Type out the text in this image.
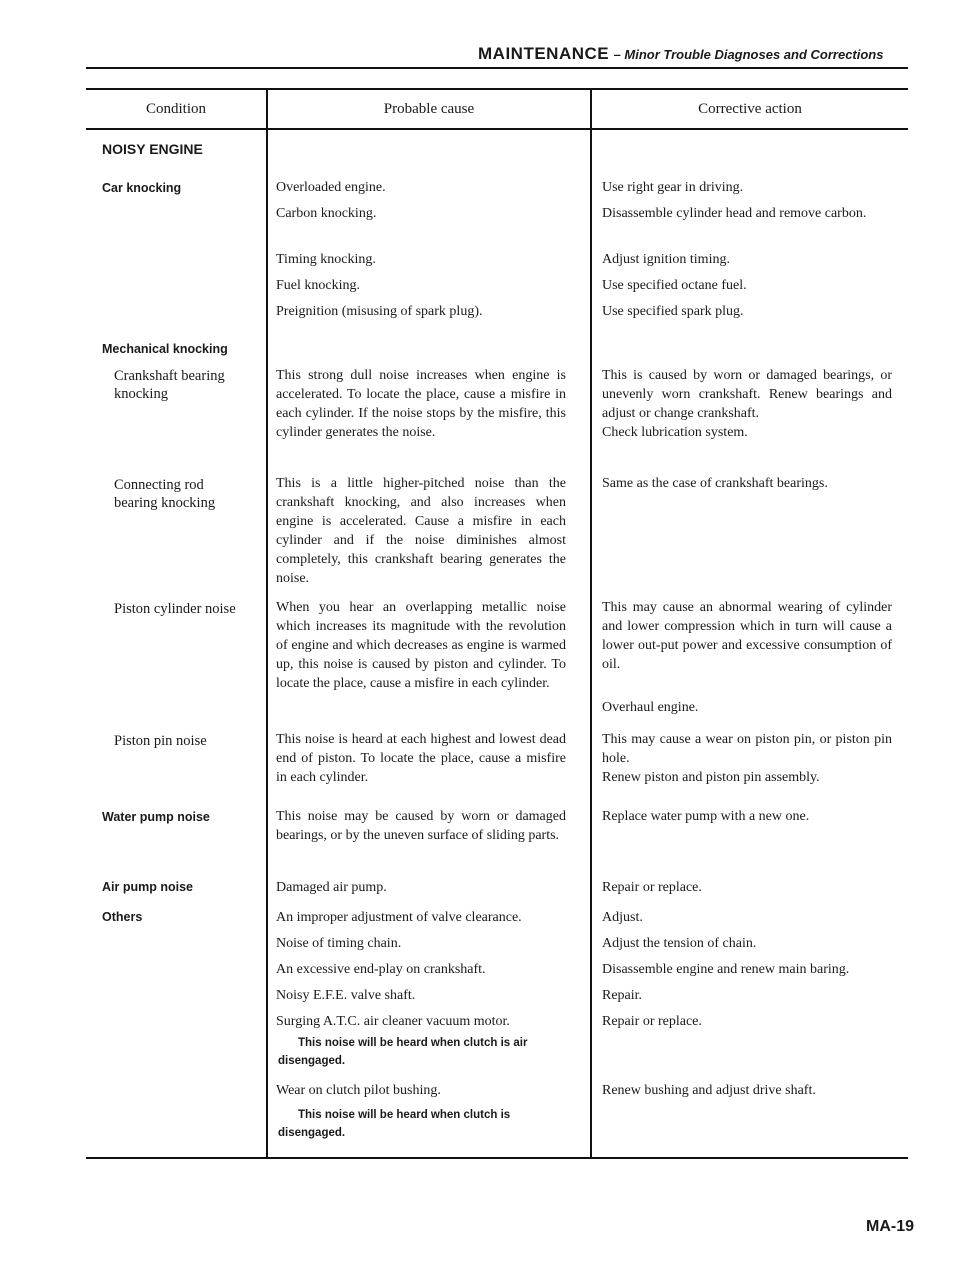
MAINTENANCE – Minor Trouble Diagnoses and Corrections
Condition	Probable cause	Corrective action
NOISY ENGINE
Car knocking
Mechanical knocking
Crankshaft bearing
knocking
Connecting rod
bearing knocking
Piston cylinder noise
Piston pin noise
Water pump noise
Air pump noise
Others
Overloaded engine.
Carbon knocking.
Timing knocking.
Fuel knocking.
Preignition (misusing of spark plug).
This strong dull noise increases when engine is accelerated. To locate the place, cause a misfire in each cylinder. If the noise stops by the misfire, this cylinder generates the noise.
This is a little higher-pitched noise than the crankshaft knocking, and also increases when engine is accelerated. Cause a misfire in each cylinder and if the noise diminishes almost completely, this crankshaft bearing generates the noise.
When you hear an overlapping metallic noise which increases its magnitude with the revolution of engine and which decreases as engine is warmed up, this noise is caused by piston and cylinder. To locate the place, cause a misfire in each cylinder.
This noise is heard at each highest and lowest dead end of piston. To locate the place, cause a misfire in each cylinder.
This noise may be caused by worn or damaged bearings, or by the uneven surface of sliding parts.
Damaged air pump.
An improper adjustment of valve clearance.
Noise of timing chain.
An excessive end-play on crankshaft.
Noisy E.F.E. valve shaft.
Surging A.T.C. air cleaner vacuum motor.
This noise will be heard when clutch is air disengaged.
Wear on clutch pilot bushing.
This noise will be heard when clutch is disengaged.
Use right gear in driving.
Disassemble cylinder head and remove carbon.
Adjust ignition timing.
Use specified octane fuel.
Use specified spark plug.
This is caused by worn or damaged bearings, or unevenly worn crankshaft. Renew bearings and adjust or change crankshaft.
Check lubrication system.
Same as the case of crankshaft bearings.
This may cause an abnormal wearing of cylinder and lower compression which in turn will cause a lower out-put power and excessive consumption of oil.
Overhaul engine.
This may cause a wear on piston pin, or piston pin hole.
Renew piston and piston pin assembly.
Replace water pump with a new one.
Repair or replace.
Adjust.
Adjust the tension of chain.
Disassemble engine and renew main baring.
Repair.
Repair or replace.
Renew bushing and adjust drive shaft.
MA-19
